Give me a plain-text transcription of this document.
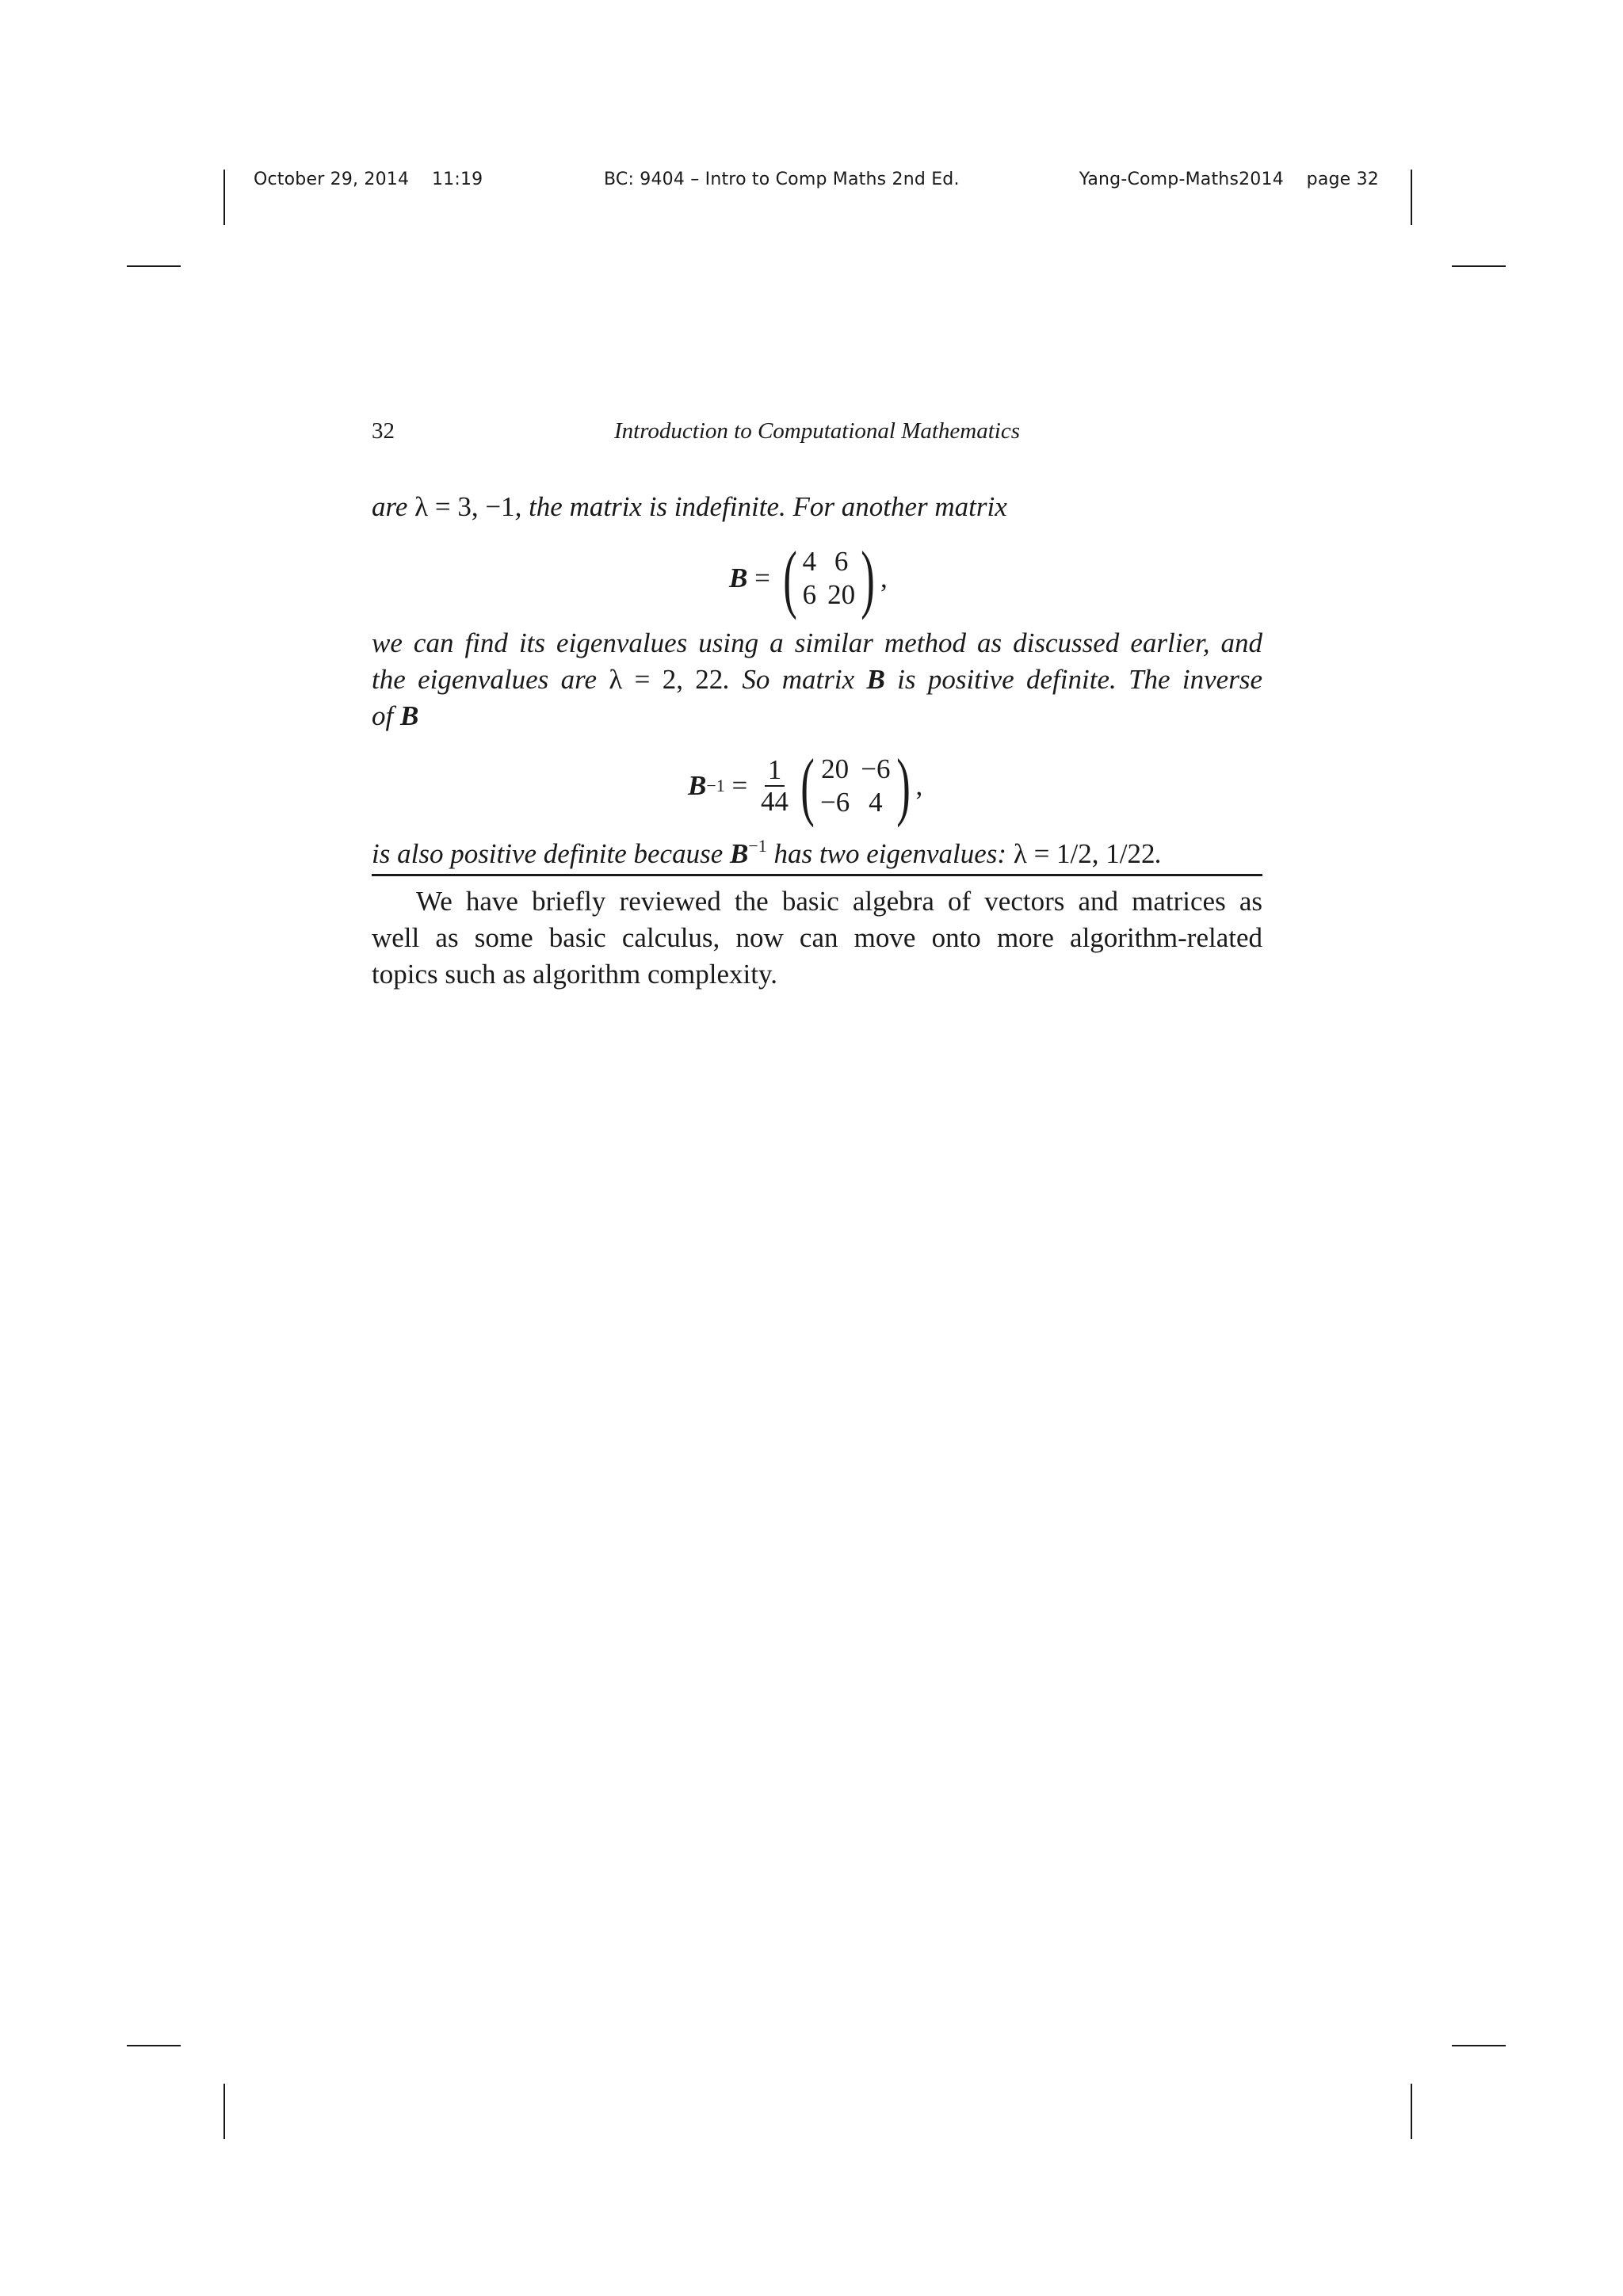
October 29, 2014    11:19	BC: 9404 – Intro to Comp Maths 2nd Ed.	Yang-Comp-Maths2014    page 32
32	Introduction to Computational Mathematics
are λ = 3, −1, the matrix is indefinite. For another matrix
B = ( 4 6
6 20 ) ,
we can find its eigenvalues using a similar method as discussed earlier, and
the eigenvalues are λ = 2, 22. So matrix B is positive definite. The inverse
of B
$B -1 = \frac{1}{44}$ ( 20 −6
−6 4 ) ,
is also positive definite because $B^{-1}$ has two eigenvalues: λ = 1/2, 1/22.
We have briefly reviewed the basic algebra of vectors and matrices as
well as some basic calculus, now can move onto more algorithm-related
topics such as algorithm complexity.
